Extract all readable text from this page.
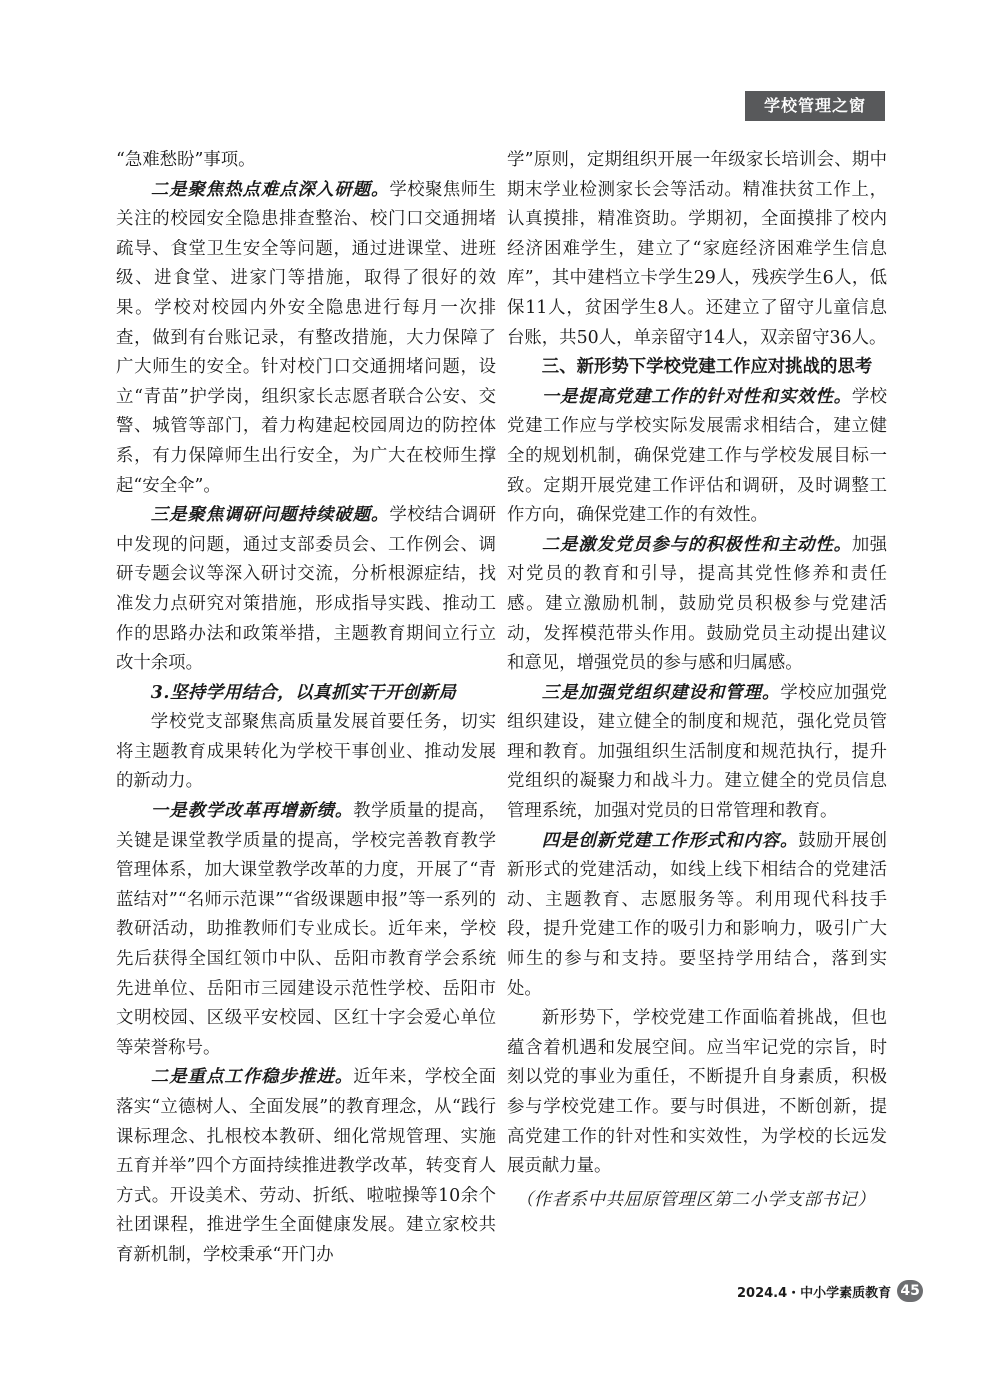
学校管理之窗

“急难愁盼”事项。

二是聚焦热点难点深入研题。学校聚焦师生关注的校园安全隐患排查整治、校门口交通拥堵疏导、食堂卫生安全等问题，通过进课堂、进班级、进食堂、进家门等措施，取得了很好的效果。学校对校园内外安全隐患进行每月一次排查，做到有台账记录，有整改措施，大力保障了广大师生的安全。针对校门口交通拥堵问题，设立“青苗”护学岗，组织家长志愿者联合公安、交警、城管等部门，着力构建起校园周边的防控体系，有力保障师生出行安全，为广大在校师生撑起“安全伞”。

三是聚焦调研问题持续破题。学校结合调研中发现的问题，通过支部委员会、工作例会、调研专题会议等深入研讨交流，分析根源症结，找准发力点研究对策措施，形成指导实践、推动工作的思路办法和政策举措，主题教育期间立行立改十余项。

3.坚持学用结合，以真抓实干开创新局

学校党支部聚焦高质量发展首要任务，切实将主题教育成果转化为学校干事创业、推动发展的新动力。

一是教学改革再增新绩。教学质量的提高，关键是课堂教学质量的提高，学校完善教育教学管理体系，加大课堂教学改革的力度，开展了“青蓝结对”“名师示范课”“省级课题申报”等一系列的教研活动，助推教师们专业成长。近年来，学校先后获得全国红领巾中队、岳阳市教育学会系统先进单位、岳阳市三园建设示范性学校、岳阳市文明校园、区级平安校园、区红十字会爱心单位等荣誉称号。

二是重点工作稳步推进。近年来，学校全面落实“立德树人、全面发展”的教育理念，从“践行课标理念、扎根校本教研、细化常规管理、实施五育并举”四个方面持续推进教学改革，转变育人方式。开设美术、劳动、折纸、啦啦操等10余个社团课程，推进学生全面健康发展。建立家校共育新机制，学校秉承“开门办

学”原则，定期组织开展一年级家长培训会、期中期末学业检测家长会等活动。精准扶贫工作上，认真摸排，精准资助。学期初，全面摸排了校内经济困难学生，建立了“家庭经济困难学生信息库”，其中建档立卡学生29人，残疾学生6人，低保11人，贫困学生8人。还建立了留守儿童信息台账，共50人，单亲留守14人，双亲留守36人。

三、新形势下学校党建工作应对挑战的思考

一是提高党建工作的针对性和实效性。学校党建工作应与学校实际发展需求相结合，建立健全的规划机制，确保党建工作与学校发展目标一致。定期开展党建工作评估和调研，及时调整工作方向，确保党建工作的有效性。

二是激发党员参与的积极性和主动性。加强对党员的教育和引导，提高其党性修养和责任感。建立激励机制，鼓励党员积极参与党建活动，发挥模范带头作用。鼓励党员主动提出建议和意见，增强党员的参与感和归属感。

三是加强党组织建设和管理。学校应加强党组织建设，建立健全的制度和规范，强化党员管理和教育。加强组织生活制度和规范执行，提升党组织的凝聚力和战斗力。建立健全的党员信息管理系统，加强对党员的日常管理和教育。

四是创新党建工作形式和内容。鼓励开展创新形式的党建活动，如线上线下相结合的党建活动、主题教育、志愿服务等。利用现代科技手段，提升党建工作的吸引力和影响力，吸引广大师生的参与和支持。要坚持学用结合，落到实处。

新形势下，学校党建工作面临着挑战，但也蕴含着机遇和发展空间。应当牢记党的宗旨，时刻以党的事业为重任，不断提升自身素质，积极参与学校党建工作。要与时俱进，不断创新，提高党建工作的针对性和实效性，为学校的长远发展贡献力量。

（作者系中共屈原管理区第二小学支部书记）

2024.4・中小学素质教育 45
